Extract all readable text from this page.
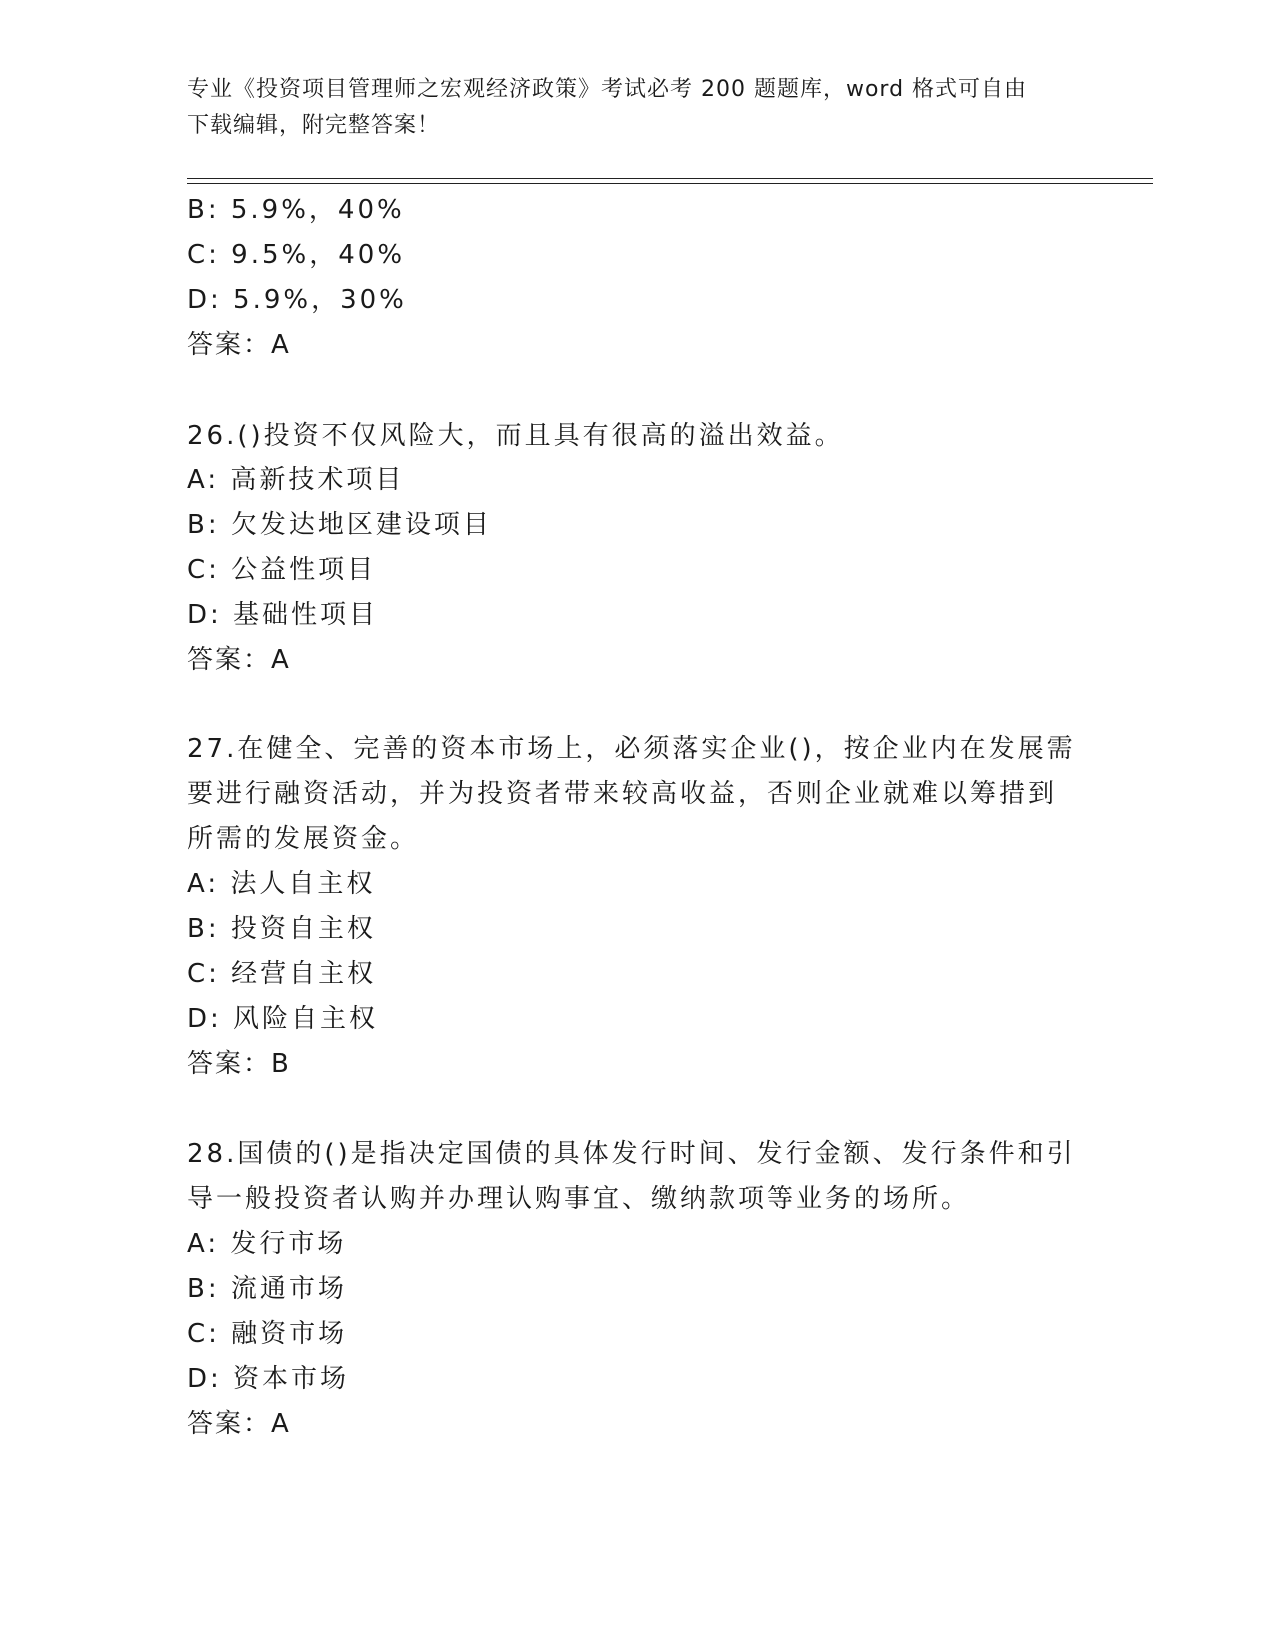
专业《投资项目管理师之宏观经济政策》考试必考 200 题题库，word 格式可自由
下载编辑，附完整答案！
B: 5.9%，40%
C: 9.5%，40%
D: 5.9%，30%
答案：A
26.()投资不仅风险大，而且具有很高的溢出效益。
A: 高新技术项目
B: 欠发达地区建设项目
C: 公益性项目
D: 基础性项目
答案：A
27.在健全、完善的资本市场上，必须落实企业()，按企业内在发展需
要进行融资活动，并为投资者带来较高收益，否则企业就难以筹措到
所需的发展资金。
A: 法人自主权
B: 投资自主权
C: 经营自主权
D: 风险自主权
答案：B
28.国债的()是指决定国债的具体发行时间、发行金额、发行条件和引
导一般投资者认购并办理认购事宜、缴纳款项等业务的场所。
A: 发行市场
B: 流通市场
C: 融资市场
D: 资本市场
答案：A
